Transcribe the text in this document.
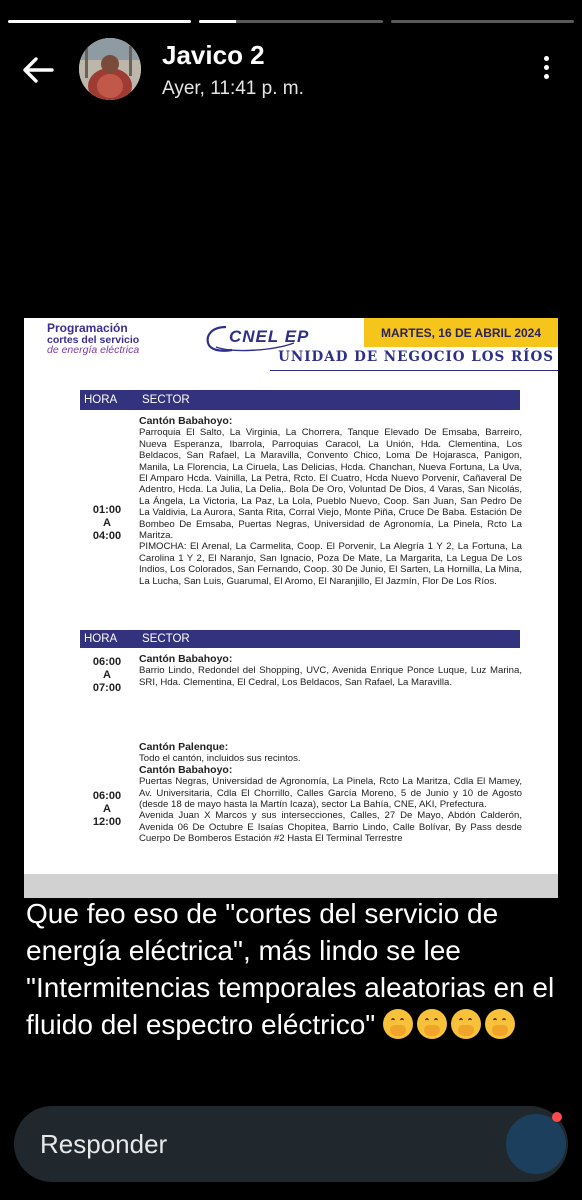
Javico 2
Ayer, 11:41 p. m.
Programación
cortes del servicio
de energía eléctrica
CNEL EP	MARTES, 16 DE ABRIL 2024
UNIDAD DE NEGOCIO LOS RÍOS
HORA SECTOR
01:00
A
04:00

Cantón Babahoyo:

Parroquia El Salto, La Virginia, La Chorrera, Tanque Elevado De Emsaba, Barreiro, Nueva Esperanza, Ibarrola, Parroquias Caracol, La Unión, Hda. Clementina, Los Beldacos, San Rafael, La Maravilla, Convento Chico, Loma De Hojarasca, Panigon, Manila, La Florencia, La Ciruela, Las Delicias, Hcda. Chanchan, Nueva Fortuna, La Uva, El Amparo Hcda. Vainilla, La Petra, Rcto. El Cuatro, Hcda Nuevo Porvenir, Cañaveral De Adentro, Hcda. La Julia, La Delia,. Bola De Oro, Voluntad De Dios, 4 Varas, San Nicolás, La Ángela, La Victoria, La Paz, La Lola, Pueblo Nuevo, Coop. San Juan, San Pedro De La Valdivia, La Aurora, Santa Rita, Corral Viejo, Monte Piña, Cruce De Baba. Estación De Bombeo De Emsaba, Puertas Negras, Universidad de Agronomía, La Pinela, Rcto La Maritza.

PIMOCHA: El Arenal, La Carmelita, Coop. El Porvenir, La Alegría 1 Y 2, La Fortuna, La Carolina 1 Y 2, El Naranjo, San Ignacio, Poza De Mate, La Margarita, La Legua De Los Indios, Los Colorados, San Fernando, Coop. 30 De Junio, El Sarten, La Hornilla, La Mina, La Lucha, San Luis, Guarumal, El Aromo, El Naranjillo, El Jazmín, Flor De Los Ríos.

HORA SECTOR
06:00
A
07:00

Cantón Babahoyo:

Barrio Lindo, Redondel del Shopping, UVC, Avenida Enrique Ponce Luque, Luz Marina, SRI, Hda. Clementina, El Cedral, Los Beldacos, San Rafael, La Maravilla.

06:00
A
12:00

Cantón Palenque:

Todo el cantón, incluidos sus recintos.

Cantón Babahoyo:

Puertas Negras, Universidad de Agronomía, La Pinela, Rcto La Maritza, Cdla El Mamey, Av. Universitaria, Cdla El Chorrillo, Calles García Moreno, 5 de Junio y 10 de Agosto (desde 18 de mayo hasta la Martín Icaza), sector La Bahía, CNE, AKI, Prefectura.

Avenida Juan X Marcos y sus intersecciones, Calles, 27 De Mayo, Abdón Calderón, Avenida 06 De Octubre E Isaías Chopitea, Barrio Lindo, Calle Bolívar, By Pass desde Cuerpo De Bomberos Estación #2 Hasta El Terminal Terrestre

Que feo eso de "cortes del servicio de energía eléctrica", más lindo se lee "Intermitencias temporales aleatorias en el fluido del espectro eléctrico"
Responder
